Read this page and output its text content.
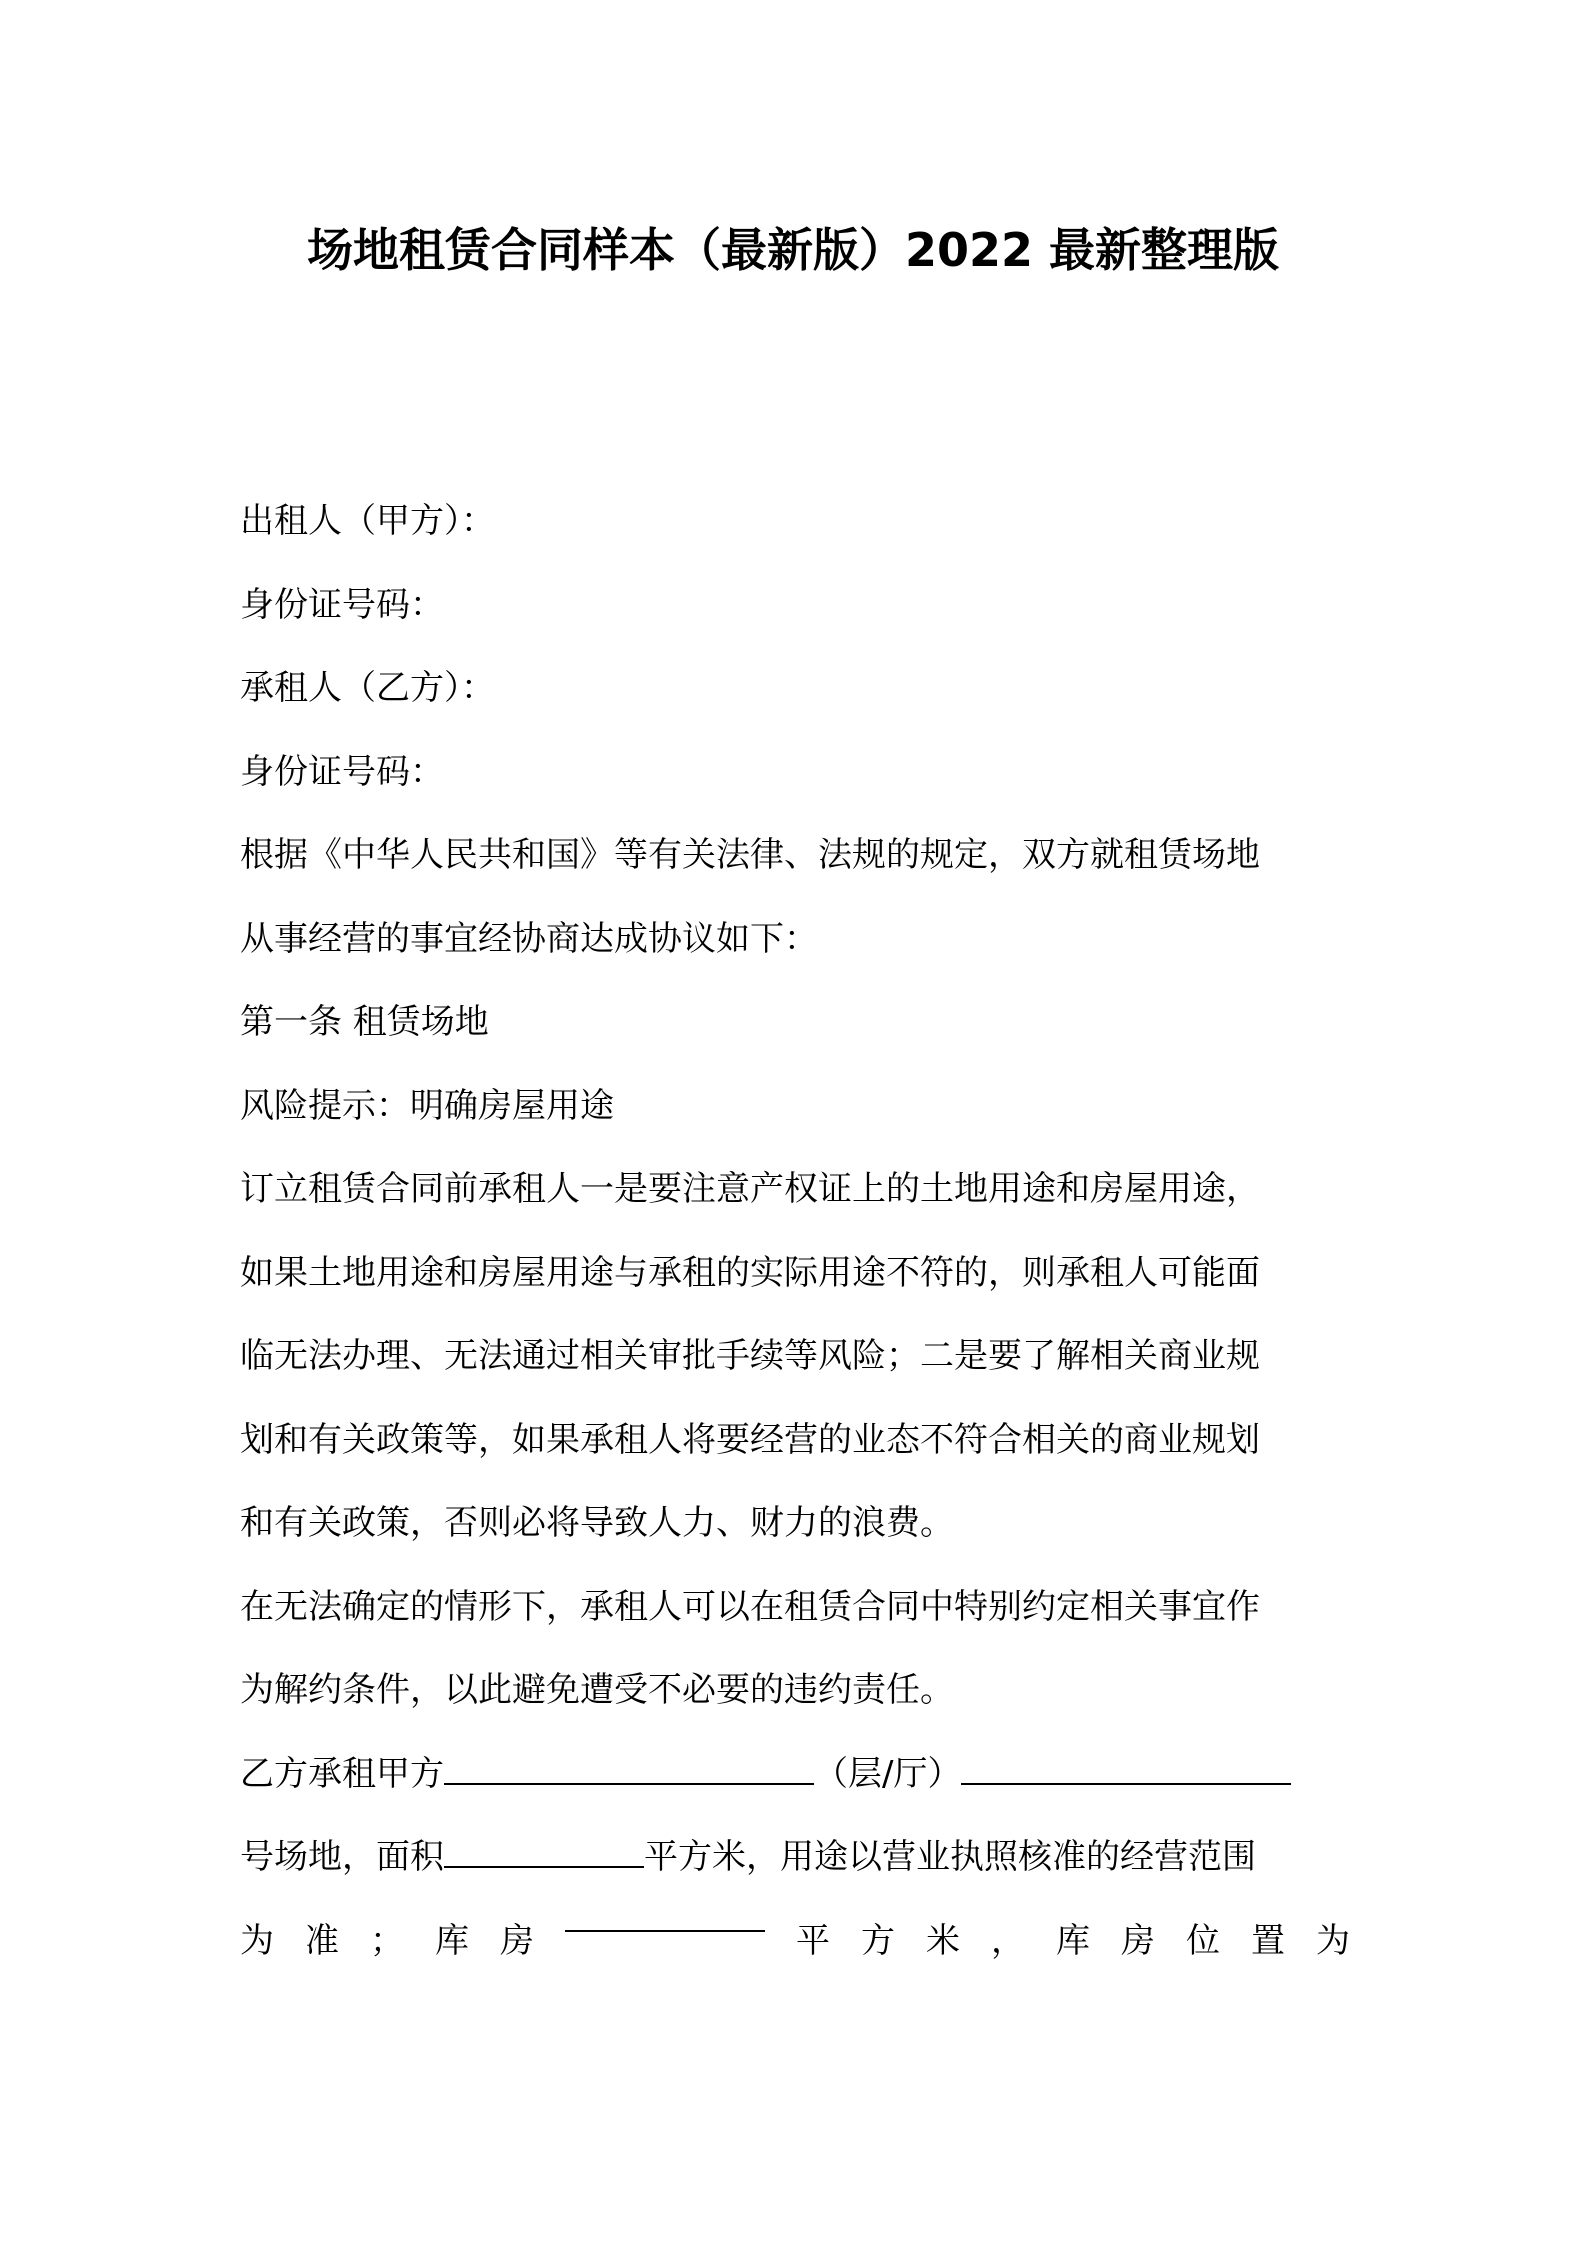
场地租赁合同样本（最新版）2022 最新整理版
出租人（甲方）：
身份证号码：
承租人（乙方）：
身份证号码：
根据《中华人民共和国》等有关法律、法规的规定，双方就租赁场地
从事经营的事宜经协商达成协议如下：
第一条 租赁场地
风险提示：明确房屋用途
订立租赁合同前承租人一是要注意产权证上的土地用途和房屋用途，
如果土地用途和房屋用途与承租的实际用途不符的，则承租人可能面
临无法办理、无法通过相关审批手续等风险；二是要了解相关商业规
划和有关政策等，如果承租人将要经营的业态不符合相关的商业规划
和有关政策，否则必将导致人力、财力的浪费。
在无法确定的情形下，承租人可以在租赁合同中特别约定相关事宜作
为解约条件，以此避免遭受不必要的违约责任。
乙方承租甲方	（层/厅）
号场地，面积	平方米，用途以营业执照核准的经营范围
为 准 ； 库 房	平 方 米 ， 库 房 位 置 为
